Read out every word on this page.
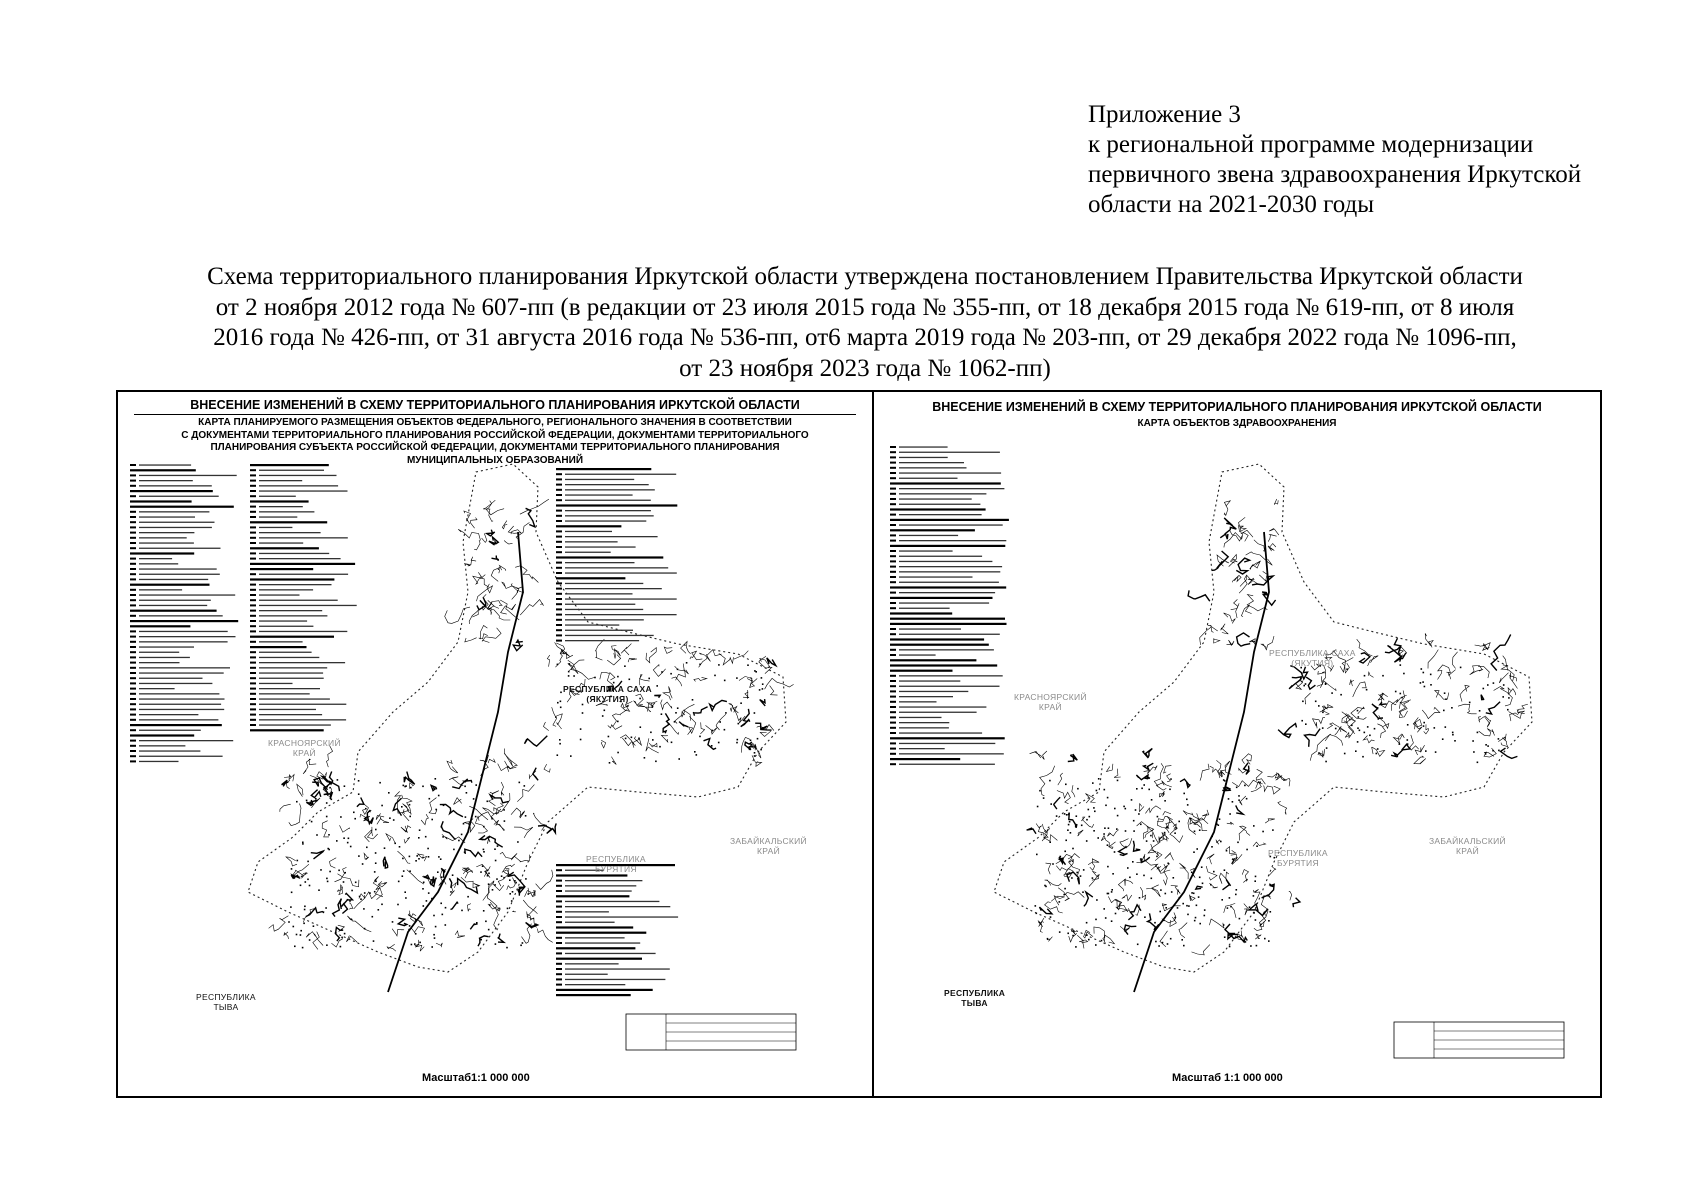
Приложение 3
к региональной программе модернизации
первичного звена здравоохранения Иркутской
области на 2021-2030 годы
Схема территориального планирования Иркутской области утверждена постановлением Правительства Иркутской области
от 2 ноября 2012 года № 607-пп (в редакции от 23 июля 2015 года № 355-пп, от 18 декабря 2015 года № 619-пп, от 8 июля
2016 года № 426-пп, от 31 августа 2016 года № 536-пп, от6 марта 2019 года № 203-пп, от 29 декабря 2022 года № 1096-пп,
от 23 ноября 2023 года № 1062-пп)
ВНЕСЕНИЕ ИЗМЕНЕНИЙ В СХЕМУ ТЕРРИТОРИАЛЬНОГО ПЛАНИРОВАНИЯ ИРКУТСКОЙ ОБЛАСТИ
КАРТА ПЛАНИРУЕМОГО РАЗМЕЩЕНИЯ ОБЪЕКТОВ ФЕДЕРАЛЬНОГО, РЕГИОНАЛЬНОГО ЗНАЧЕНИЯ В СООТВЕТСТВИИ
С ДОКУМЕНТАМИ ТЕРРИТОРИАЛЬНОГО ПЛАНИРОВАНИЯ РОССИЙСКОЙ ФЕДЕРАЦИИ, ДОКУМЕНТАМИ ТЕРРИТОРИАЛЬНОГО
ПЛАНИРОВАНИЯ СУБЪЕКТА РОССИЙСКОЙ ФЕДЕРАЦИИ, ДОКУМЕНТАМИ ТЕРРИТОРИАЛЬНОГО ПЛАНИРОВАНИЯ
МУНИЦИПАЛЬНЫХ ОБРАЗОВАНИЙ
РЕСПУБЛИКА САХА
(ЯКУТИЯ)
КРАСНОЯРСКИЙ
КРАЙ
РЕСПУБЛИКА
БУРЯТИЯ
ЗАБАЙКАЛЬСКИЙ
КРАЙ
РЕСПУБЛИКА
ТЫВА
Масштаб1:1 000 000
ВНЕСЕНИЕ ИЗМЕНЕНИЙ В СХЕМУ ТЕРРИТОРИАЛЬНОГО ПЛАНИРОВАНИЯ ИРКУТСКОЙ ОБЛАСТИ
КАРТА ОБЪЕКТОВ ЗДРАВООХРАНЕНИЯ
РЕСПУБЛИКА САХА
(ЯКУТИЯ)
КРАСНОЯРСКИЙ
КРАЙ
РЕСПУБЛИКА
БУРЯТИЯ
ЗАБАЙКАЛЬСКИЙ
КРАЙ
РЕСПУБЛИКА
ТЫВА
Масштаб 1:1 000 000
